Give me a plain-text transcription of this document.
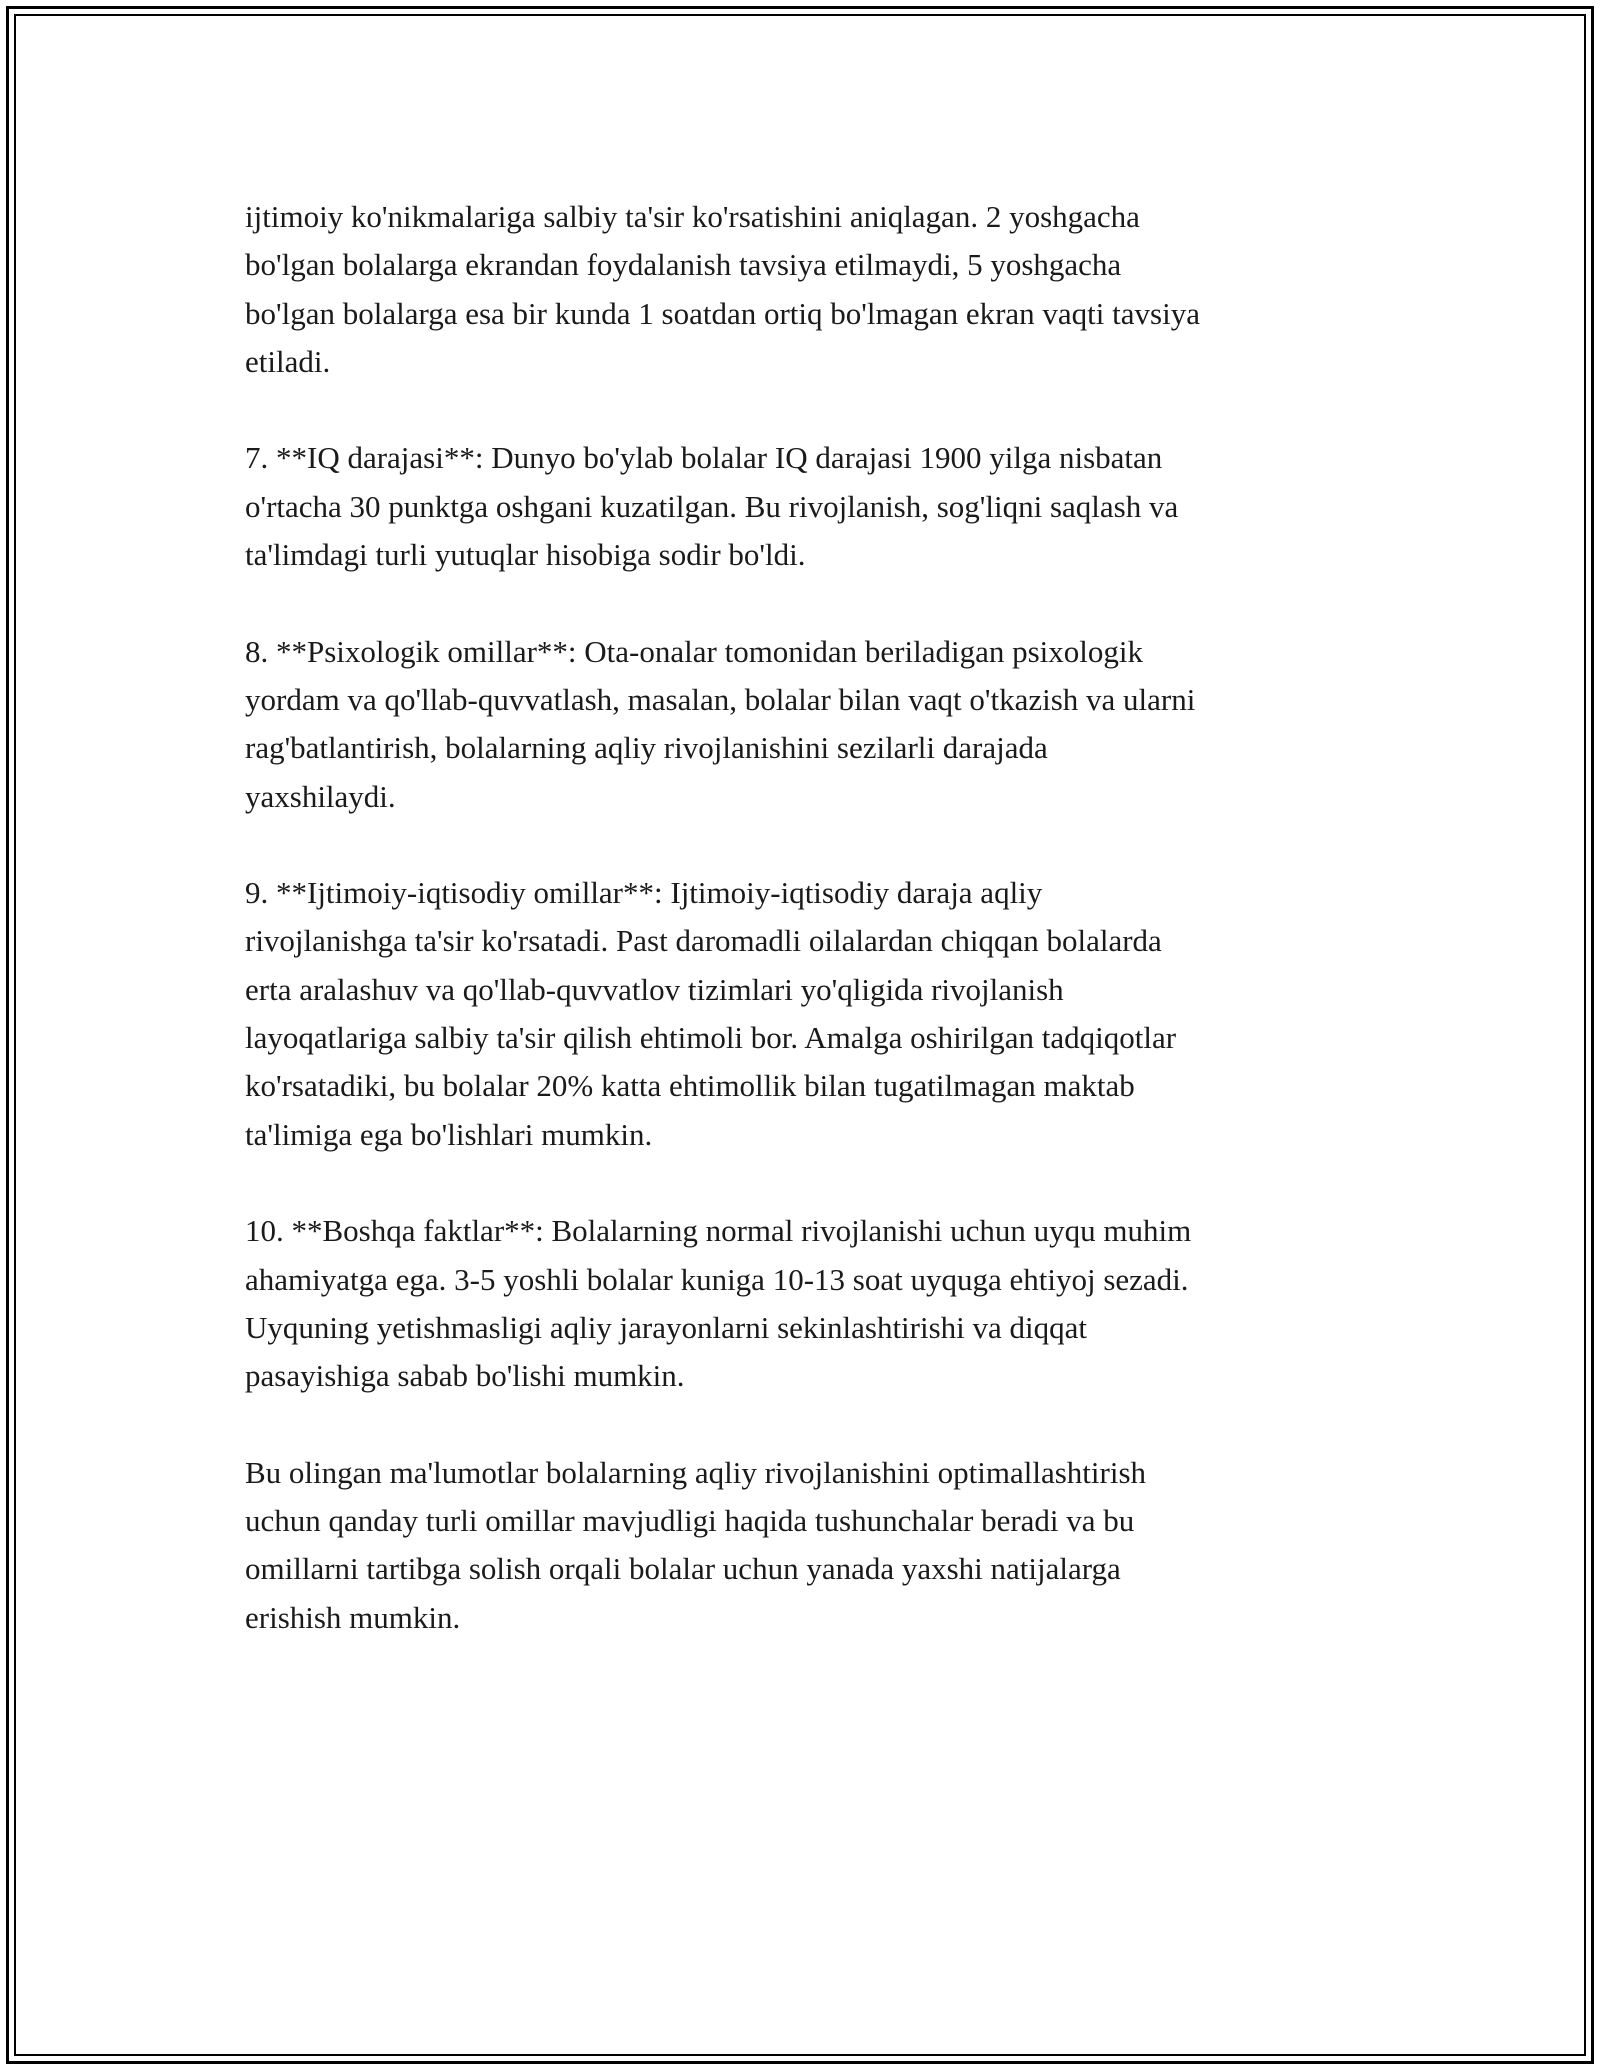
ijtimoiy ko'nikmalariga salbiy ta'sir ko'rsatishini aniqlagan. 2 yoshgacha
bo'lgan bolalarga ekrandan foydalanish tavsiya etilmaydi, 5 yoshgacha
bo'lgan bolalarga esa bir kunda 1 soatdan ortiq bo'lmagan ekran vaqti tavsiya
etiladi.

7. **IQ darajasi**: Dunyo bo'ylab bolalar IQ darajasi 1900 yilga nisbatan
o'rtacha 30 punktga oshgani kuzatilgan. Bu rivojlanish, sog'liqni saqlash va
ta'limdagi turli yutuqlar hisobiga sodir bo'ldi.

8. **Psixologik omillar**: Ota-onalar tomonidan beriladigan psixologik
yordam va qo'llab-quvvatlash, masalan, bolalar bilan vaqt o'tkazish va ularni
rag'batlantirish, bolalarning aqliy rivojlanishini sezilarli darajada
yaxshilaydi.

9. **Ijtimoiy-iqtisodiy omillar**: Ijtimoiy-iqtisodiy daraja aqliy
rivojlanishga ta'sir ko'rsatadi. Past daromadli oilalardan chiqqan bolalarda
erta aralashuv va qo'llab-quvvatlov tizimlari yo'qligida rivojlanish
layoqatlariga salbiy ta'sir qilish ehtimoli bor. Amalga oshirilgan tadqiqotlar
ko'rsatadiki, bu bolalar 20% katta ehtimollik bilan tugatilmagan maktab
ta'limiga ega bo'lishlari mumkin.

10. **Boshqa faktlar**: Bolalarning normal rivojlanishi uchun uyqu muhim
ahamiyatga ega. 3-5 yoshli bolalar kuniga 10-13 soat uyquga ehtiyoj sezadi.
Uyquning yetishmasligi aqliy jarayonlarni sekinlashtirishi va diqqat
pasayishiga sabab bo'lishi mumkin.

Bu olingan ma'lumotlar bolalarning aqliy rivojlanishini optimallashtirish
uchun qanday turli omillar mavjudligi haqida tushunchalar beradi va bu
omillarni tartibga solish orqali bolalar uchun yanada yaxshi natijalarga
erishish mumkin.
